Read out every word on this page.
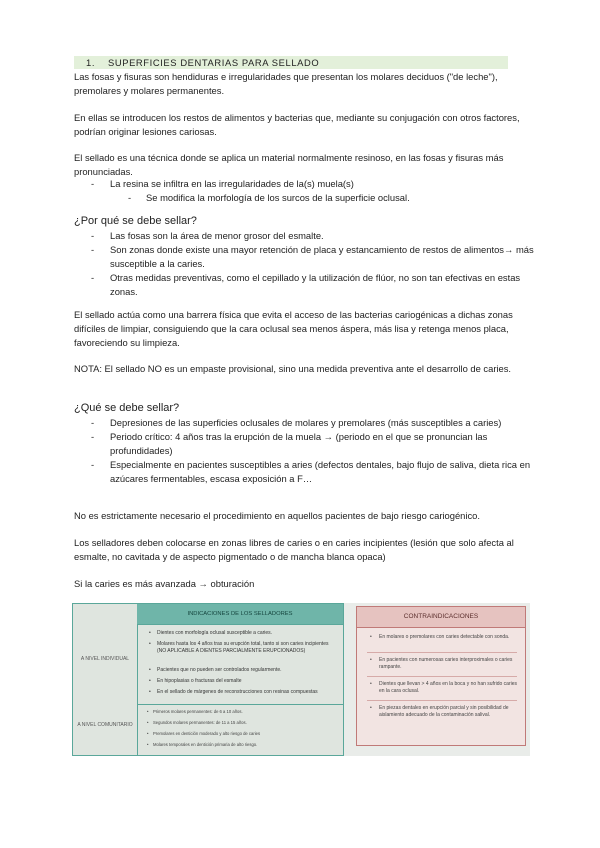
1. SUPERFICIES DENTARIAS PARA SELLADO

Las fosas y fisuras son hendiduras e irregularidades que presentan los molares deciduos ("de leche"), premolares y molares permanentes.

En ellas se introducen los restos de alimentos y bacterias que, mediante su conjugación con otros factores, podrían originar lesiones cariosas.

El sellado es una técnica donde se aplica un material normalmente resinoso, en las fosas y fisuras más pronunciadas.

- La resina se infiltra en las irregularidades de la(s) muela(s)
- Se modifica la morfología de los surcos de la superficie oclusal.
¿Por qué se debe sellar?
- Las fosas son la área de menor grosor del esmalte.
- Son zonas donde existe una mayor retención de placa y estancamiento de restos de alimentos→ más susceptible a la caries.
- Otras medidas preventivas, como el cepillado y la utilización de flúor, no son tan efectivas en estas zonas.

El sellado actúa como una barrera física que evita el acceso de las bacterias cariogénicas a dichas zonas difíciles de limpiar, consiguiendo que la cara oclusal sea menos áspera, más lisa y retenga menos placa, favoreciendo su limpieza.

NOTA: El sellado NO es un empaste provisional, sino una medida preventiva ante el desarrollo de caries.

¿Qué se debe sellar?
- Depresiones de las superficies oclusales de molares y premolares (más susceptibles a caries)
- Periodo crítico: 4 años tras la erupción de la muela → (periodo en el que se pronuncian las profundidades)
- Especialmente en pacientes susceptibles a aries (defectos dentales, bajo flujo de saliva, dieta rica en azúcares fermentables, escasa exposición a F…

No es estrictamente necesario el procedimiento en aquellos pacientes de bajo riesgo cariogénico.

Los selladores deben colocarse en zonas libres de caries o en caries incipientes (lesión que solo afecta al esmalte, no cavitada y de aspecto pigmentado o de mancha blanca opaca)

Si la caries es más avanzada → obturación

INDICACIONES DE LOS SELLADORES
A NIVEL INDIVIDUAL
• Dientes con morfología oclusal susceptible a caries.
• Molares hasta los 4 años tras su erupción total, tanto si son caries incipientes (NO APLICABLE A DIENTES PARCIALMENTE ERUPCIONADOS)
• Pacientes que no pueden ser controlados regularmente.
• En hipoplasias o fracturas del esmalte
• En el sellado de márgenes de reconstrucciones con resinas compuestas
A NIVEL COMUNITARIO
• Primeros molares permanentes: de 6 a 10 años.
• Segundos molares permanentes: de 11 a 15 años.
• Premolares en dentición moderado y alto riesgo de caries
• Molares temporales en dentición primaria de alto riesgo.
CONTRAINDICACIONES
• En molares o premolares con caries detectable con sonda.
• En pacientes con numerosas caries interproximales o caries rampante.
• Dientes que llevan > 4 años en la boca y no han sufrido caries en la cara oclusal.
• En piezas dentales en erupción parcial y sin posibilidad de aislamiento adecuado de la contaminación salival.
